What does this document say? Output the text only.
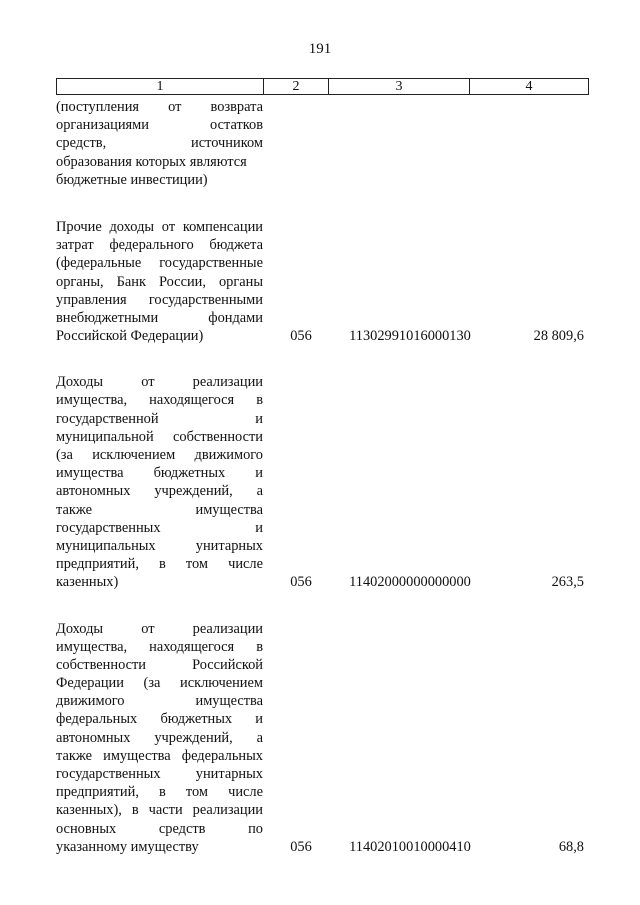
191
1	2	3	4
(поступления от возврата
организациями остатков
средств, источником
образования которых являются
бюджетные инвестиции)
Прочие доходы от компенсации
затрат федерального бюджета
(федеральные государственные
органы, Банк России, органы
управления государственными
внебюджетными фондами
Российской Федерации)	056	11302991016000130	28 809,6
Доходы от реализации
имущества, находящегося в
государственной и
муниципальной собственности
(за исключением движимого
имущества бюджетных и
автономных учреждений, а
также имущества
государственных и
муниципальных унитарных
предприятий, в том числе
казенных)	056	11402000000000000	263,5
Доходы от реализации
имущества, находящегося в
собственности Российской
Федерации (за исключением
движимого имущества
федеральных бюджетных и
автономных учреждений, а
также имущества федеральных
государственных унитарных
предприятий, в том числе
казенных), в части реализации
основных средств по
указанному имуществу	056	11402010010000410	68,8
